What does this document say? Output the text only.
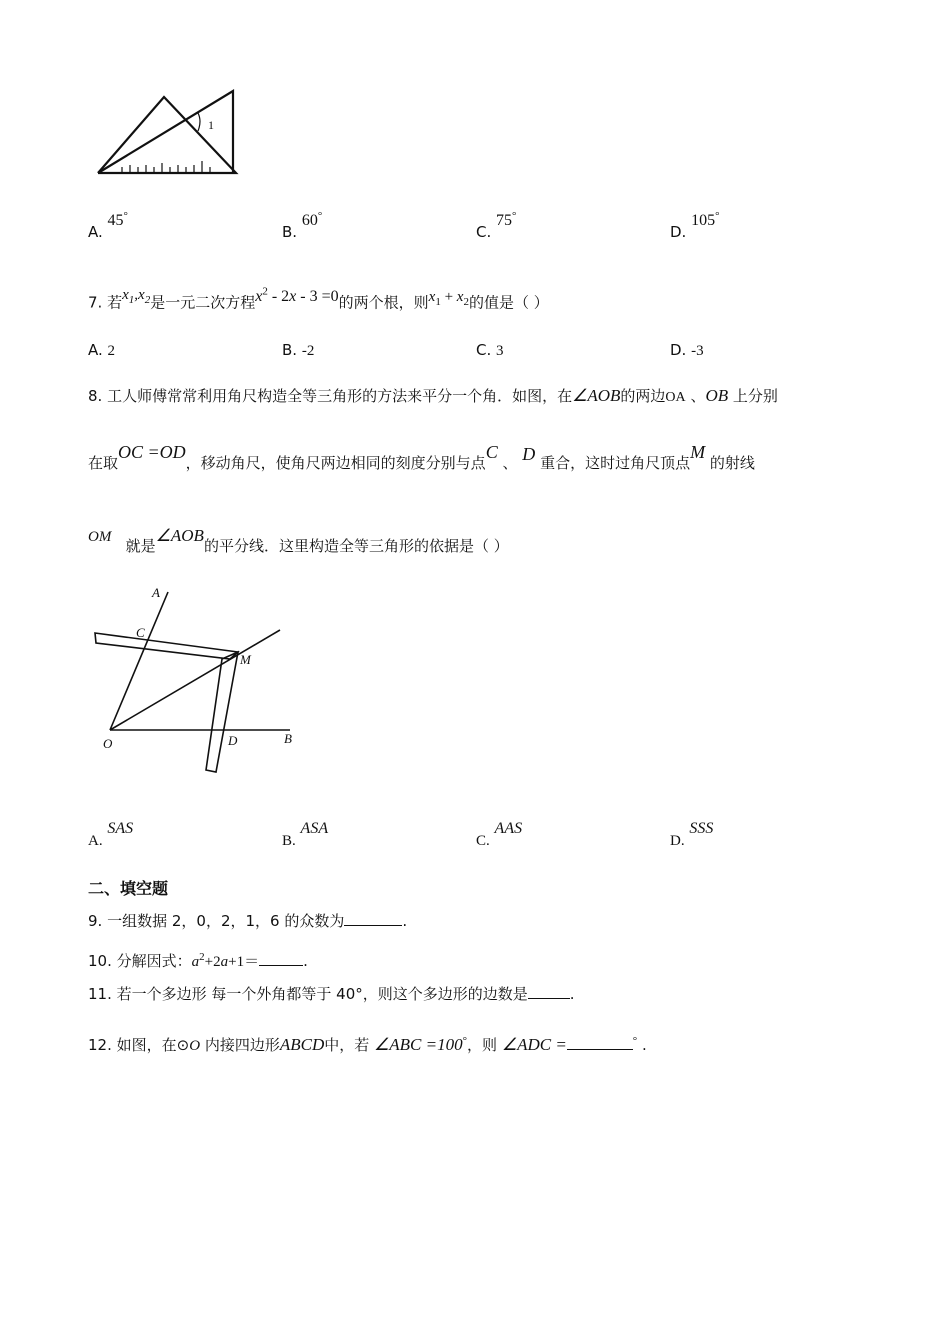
1
A. 45°
B. 60°
C. 75°
D. 105°
7. 若$x_1,x_2$是一元二次方程$x^2 - 2x - 3 =0$的两个根，则$x_1 + x_2$的值是（ ）
A. 2	B. -2	C. 3	D. -3
8. 工人师傅常常利用角尺构造全等三角形的方法来平分一个角．如图，在∠AOB的两边OA 、OB 上分别
在取OC =OD，移动角尺，使角尺两边相同的刻度分别与点C 、 D 重合，这时过角尺顶点M 的射线
OM 就是∠AOB的平分线．这里构造全等三角形的依据是（ ）
A
C
M
O	D	B
A. SAS
B. ASA
C. AAS
D. SSS
二、填空题
9. 一组数据 2，0，2，1，6 的众数为	.
10. 分解因式：$a^2+2a+1=$	.
11. 若一个多边形 每一个外角都等于 40°，则这个多边形的边数是	.
12. 如图，在⊙O 内接四边形ABCD中，若 ∠ABC =100°，则 ∠ADC =	° .
